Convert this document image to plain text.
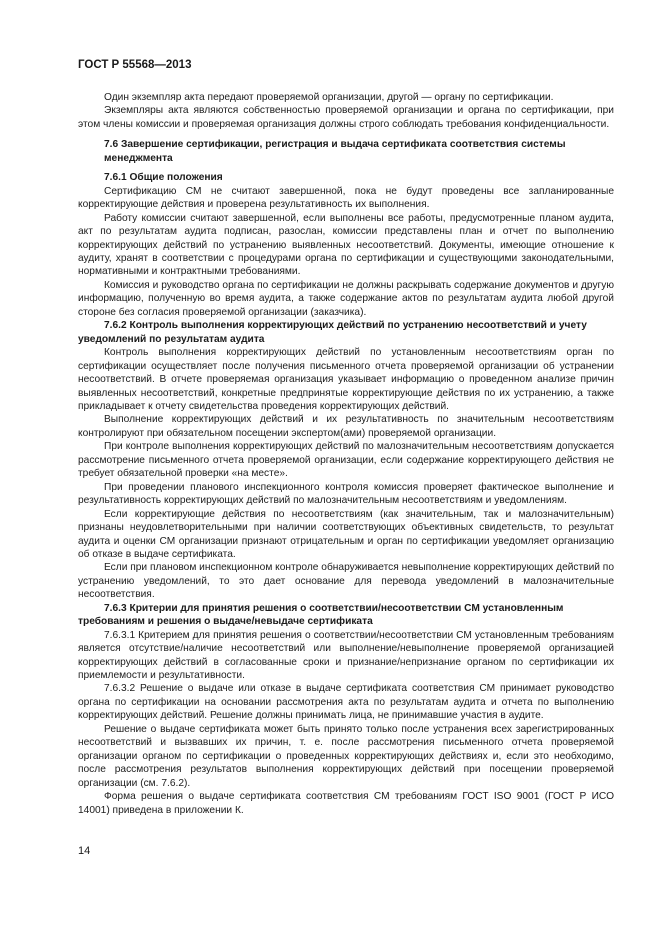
ГОСТ Р 55568—2013

Один экземпляр акта передают проверяемой организации, другой — органу по сертификации.

Экземпляры акта являются собственностью проверяемой организации и органа по сертификации, при этом члены комиссии и проверяемая организация должны строго соблюдать требования конфиденциальности.

7.6 Завершение сертификации, регистрация и выдача сертификата соответствия системы менеджмента

7.6.1 Общие положения

Сертификацию СМ не считают завершенной, пока не будут проведены все запланированные корректирующие действия и проверена результативность их выполнения.

Работу комиссии считают завершенной, если выполнены все работы, предусмотренные планом аудита, акт по результатам аудита подписан, разослан, комиссии представлены план и отчет по выполнению корректирующих действий по устранению выявленных несоответствий. Документы, имеющие отношение к аудиту, хранят в соответствии с процедурами органа по сертификации и существующими законодательными, нормативными и контрактными требованиями.

Комиссия и руководство органа по сертификации не должны раскрывать содержание документов и другую информацию, полученную во время аудита, а также содержание актов по результатам аудита любой другой стороне без согласия проверяемой организации (заказчика).

7.6.2 Контроль выполнения корректирующих действий по устранению несоответствий и учету уведомлений по результатам аудита

Контроль выполнения корректирующих действий по установленным несоответствиям орган по сертификации осуществляет после получения письменного отчета проверяемой организации об устранении несоответствий. В отчете проверяемая организация указывает информацию о проведенном анализе причин выявленных несоответствий, конкретные предпринятые корректирующие действия по их устранению, а также прикладывает к отчету свидетельства проведения корректирующих действий.

Выполнение корректирующих действий и их результативность по значительным несоответствиям контролируют при обязательном посещении экспертом(ами) проверяемой организации.

При контроле выполнения корректирующих действий по малозначительным несоответствиям допускается рассмотрение письменного отчета проверяемой организации, если содержание корректирующего действия не требует обязательной проверки «на месте».

При проведении планового инспекционного контроля комиссия проверяет фактическое выполнение и результативность корректирующих действий по малозначительным несоответствиям и уведомлениям.

Если корректирующие действия по несоответствиям (как значительным, так и малозначительным) признаны неудовлетворительными при наличии соответствующих объективных свидетельств, то результат аудита и оценки СМ организации признают отрицательным и орган по сертификации уведомляет организацию об отказе в выдаче сертификата.

Если при плановом инспекционном контроле обнаруживается невыполнение корректирующих действий по устранению уведомлений, то это дает основание для перевода уведомлений в малозначительные несоответствия.

7.6.3 Критерии для принятия решения о соответствии/несоответствии СМ установленным требованиям и решения о выдаче/невыдаче сертификата

7.6.3.1 Критерием для принятия решения о соответствии/несоответствии СМ установленным требованиям является отсутствие/наличие несоответствий или выполнение/невыполнение проверяемой организацией корректирующих действий в согласованные сроки и признание/непризнание органом по сертификации их приемлемости и результативности.

7.6.3.2 Решение о выдаче или отказе в выдаче сертификата соответствия СМ принимает руководство органа по сертификации на основании рассмотрения акта по результатам аудита и отчета по выполнению корректирующих действий. Решение должны принимать лица, не принимавшие участия в аудите.

Решение о выдаче сертификата может быть принято только после устранения всех зарегистрированных несоответствий и вызвавших их причин, т. е. после рассмотрения письменного отчета проверяемой организации органом по сертификации о проведенных корректирующих действиях и, если это необходимо, после рассмотрения результатов выполнения корректирующих действий при посещении проверяемой организации (см. 7.6.2).

Форма решения о выдаче сертификата соответствия СМ требованиям ГОСТ ISO 9001 (ГОСТ Р ИСО 14001) приведена в приложении К.

14
